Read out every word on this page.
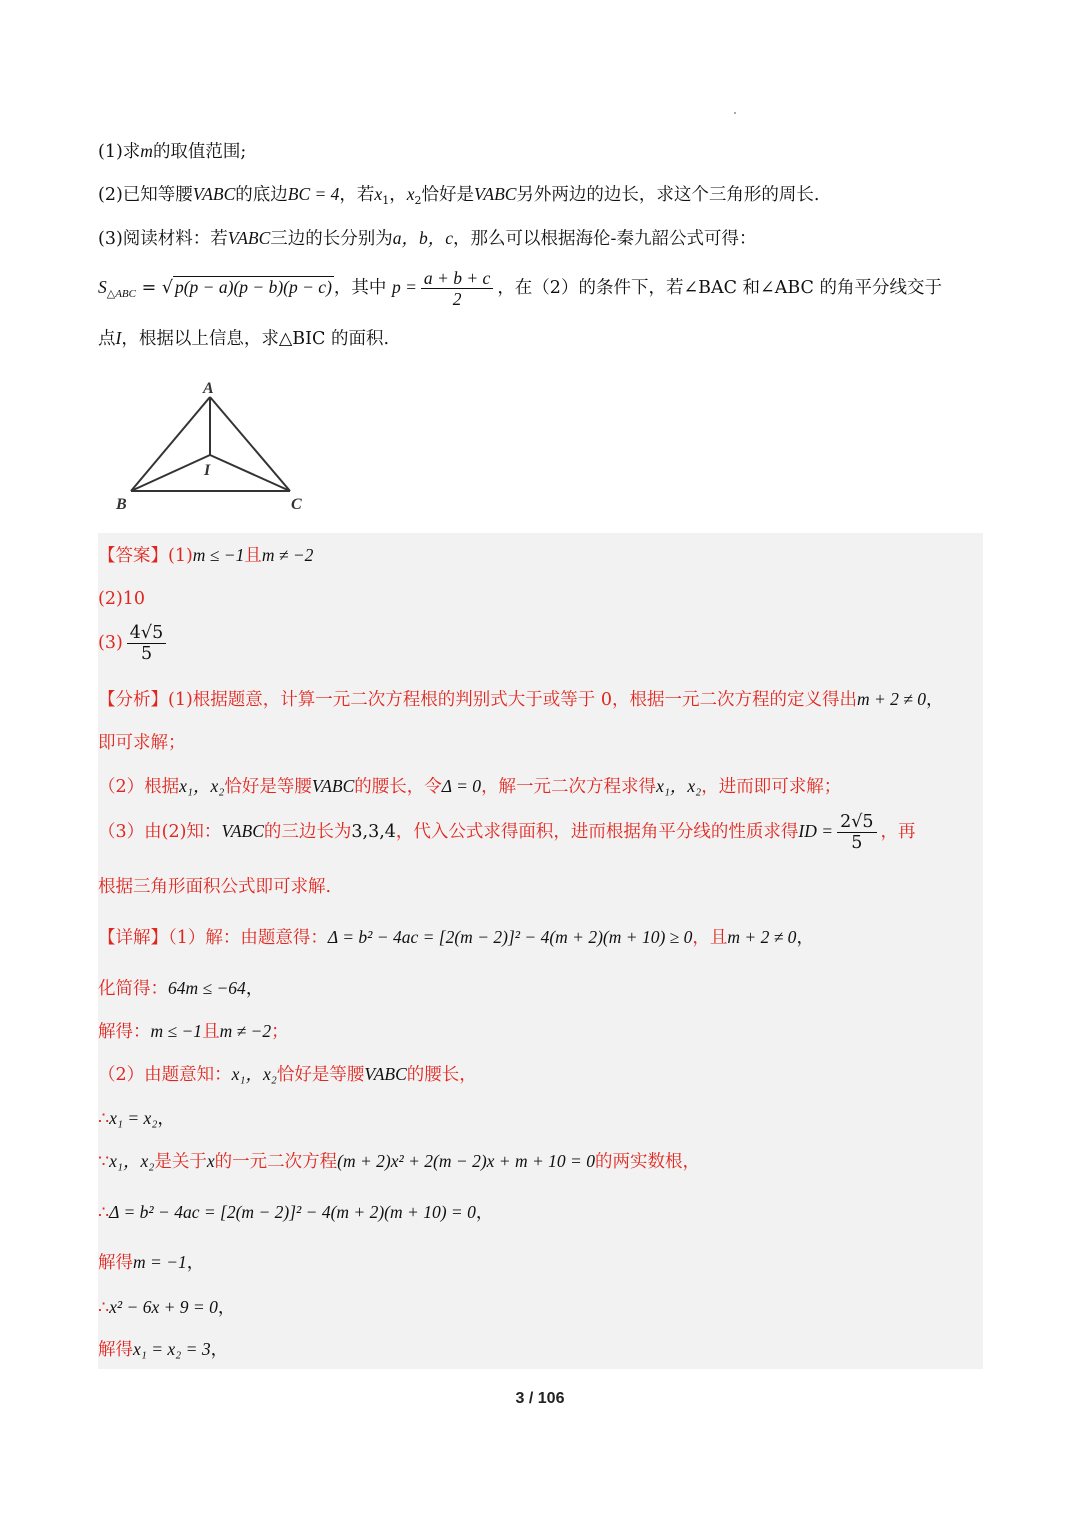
(1)求m的取值范围;
(2)已知等腰VABC的底边BC = 4，若$x_1$，$x_2$恰好是VABC另外两边的边长，求这个三角形的周长.
(3)阅读材料：若VABC三边的长分别为a，b，c，那么可以根据海伦-秦九韶公式可得：
$S_{\triangle ABC}$ = √ p(p − a)(p − b)(p − c) ，其中 $p = \frac{a + b + c}{2}$ ，在（2）的条件下，若∠BAC 和∠ABC 的角平分线交于
点I，根据以上信息，求△BIC 的面积.
A
B	C
I
【答案】(1)m ≤ −1且m ≠ −2
(2)10
$(3) \frac{4√5}{5}$
【分析】(1)根据题意，计算一元二次方程根的判别式大于或等于 0，根据一元二次方程的定义得出m + 2 ≠ 0，
即可求解；
（2）根据x₁，x₂恰好是等腰VABC的腰长，令Δ = 0，解一元二次方程求得x₁，x₂，进而即可求解；
（3）由(2)知：VABC的三边长为3,3,4，代入公式求得面积，进而根据角平分线的性质求得ID = $\frac{2√5}{5}$ ，再
根据三角形面积公式即可求解.
【详解】（1）解：由题意得：Δ = b² − 4ac = [2(m − 2)]² − 4(m + 2)(m + 10) ≥ 0，且m + 2 ≠ 0，
化简得：64m ≤ −64，
解得：m ≤ −1且m ≠ −2；
（2）由题意知：x₁，x₂恰好是等腰VABC的腰长，
∴x₁ = x₂，
∵x₁，x₂是关于x的一元二次方程(m + 2)x² + 2(m − 2)x + m + 10 = 0的两实数根，
∴Δ = b² − 4ac = [2(m − 2)]² − 4(m + 2)(m + 10) = 0，
解得m = −1，
∴x² − 6x + 9 = 0，
解得x₁ = x₂ = 3，
3 / 106
